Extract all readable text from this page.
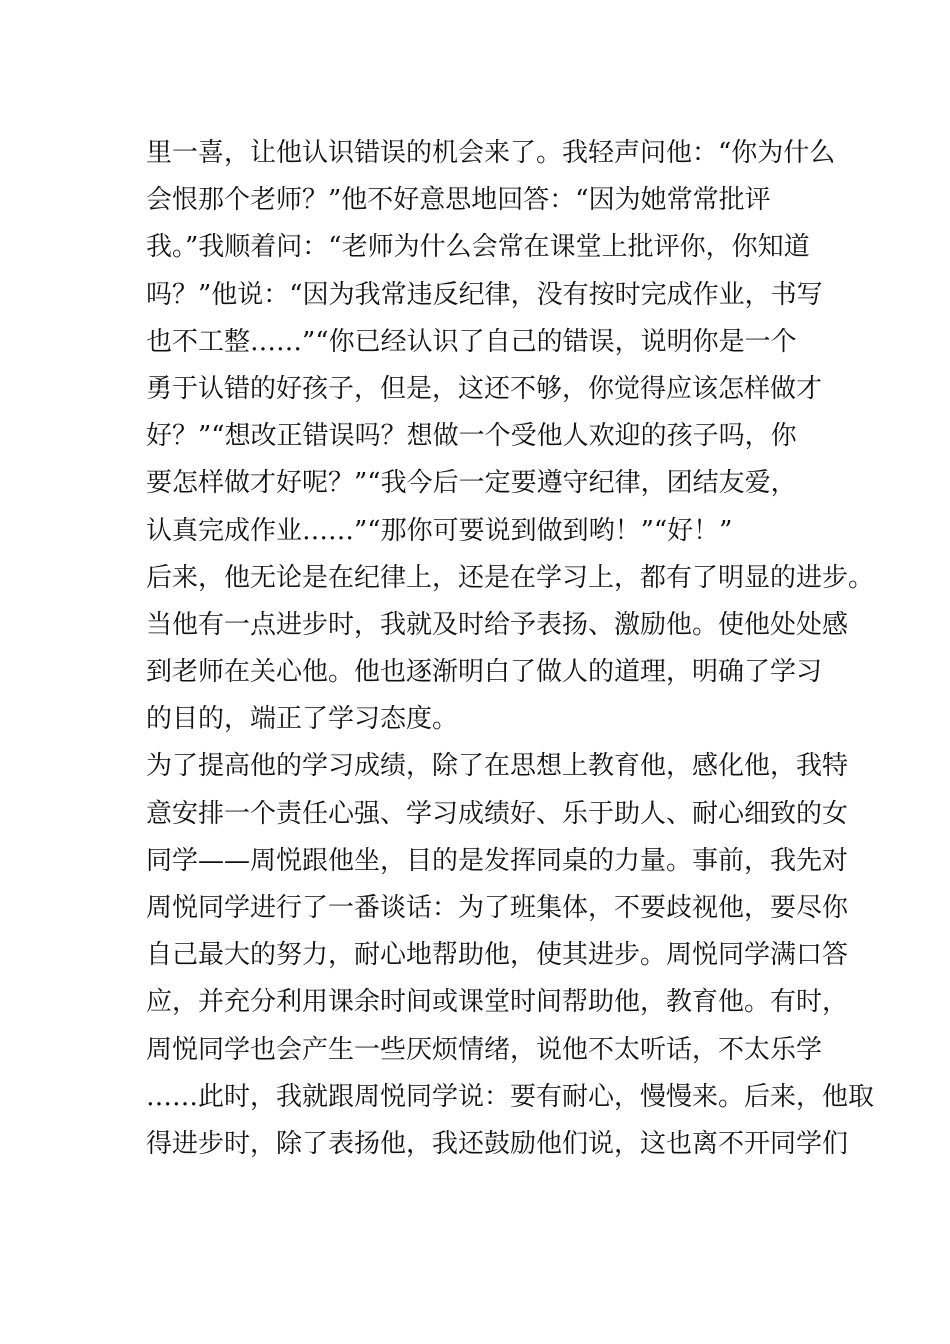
里一喜，让他认识错误的机会来了。我轻声问他：“你为什么
会恨那个老师？”他不好意思地回答：“因为她常常批评
我。”我顺着问：“老师为什么会常在课堂上批评你，你知道
吗？”他说：“因为我常违反纪律，没有按时完成作业，书写
也不工整……”“你已经认识了自己的错误，说明你是一个
勇于认错的好孩子，但是，这还不够，你觉得应该怎样做才
好？”“想改正错误吗？想做一个受他人欢迎的孩子吗，你
要怎样做才好呢？”“我今后一定要遵守纪律，团结友爱，
认真完成作业……”“那你可要说到做到哟！”“好！”
后来，他无论是在纪律上，还是在学习上，都有了明显的进步。
当他有一点进步时，我就及时给予表扬、激励他。使他处处感
到老师在关心他。他也逐渐明白了做人的道理，明确了学习
的目的，端正了学习态度。
为了提高他的学习成绩，除了在思想上教育他，感化他，我特
意安排一个责任心强、学习成绩好、乐于助人、耐心细致的女
同学——周悦跟他坐，目的是发挥同桌的力量。事前，我先对
周悦同学进行了一番谈话：为了班集体，不要歧视他，要尽你
自己最大的努力，耐心地帮助他，使其进步。周悦同学满口答
应，并充分利用课余时间或课堂时间帮助他，教育他。有时，
周悦同学也会产生一些厌烦情绪，说他不太听话，不太乐学
……此时，我就跟周悦同学说：要有耐心，慢慢来。后来，他取
得进步时，除了表扬他，我还鼓励他们说，这也离不开同学们
